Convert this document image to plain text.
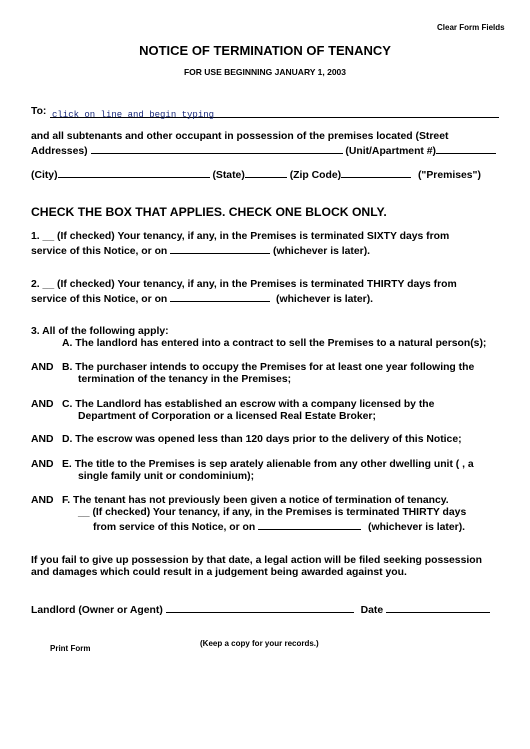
Clear Form Fields
NOTICE OF TERMINATION OF TENANCY
FOR USE BEGINNING JANUARY 1, 2003
To: click on line and begin typing
and all subtenants and other occupant in possession of the premises located (Street
Addresses)	(Unit/Apartment #)
(City)	(State)	(Zip Code)	("Premises")
CHECK THE BOX THAT APPLIES. CHECK ONE BLOCK ONLY.
1. __ (If checked) Your tenancy, if any, in the Premises is terminated SIXTY days from
service of this Notice, or on	(whichever is later).
2. __ (If checked) Your tenancy, if any, in the Premises is terminated THIRTY days from
service of this Notice, or on	(whichever is later).
3. All of the following apply:
A. The landlord has entered into a contract to sell the Premises to a natural person(s);
AND B. The purchaser intends to occupy the Premises for at least one year following the
termination of the tenancy in the Premises;
AND C. The Landlord has established an escrow with a company licensed by the
Department of Corporation or a licensed Real Estate Broker;
AND D. The escrow was opened less than 120 days prior to the delivery of this Notice;
AND E. The title to the Premises is sep arately alienable from any other dwelling unit ( , a
single family unit or condominium);
AND F. The tenant has not previously been given a notice of termination of tenancy.
__ (If checked) Your tenancy, if any, in the Premises is terminated THIRTY days
from service of this Notice, or on	(whichever is later).
If you fail to give up possession by that date, a legal action will be filed seeking possession
and damages which could result in a judgement being awarded against you.
Landlord (Owner or Agent)	Date
(Keep a copy for your records.)
Print Form
